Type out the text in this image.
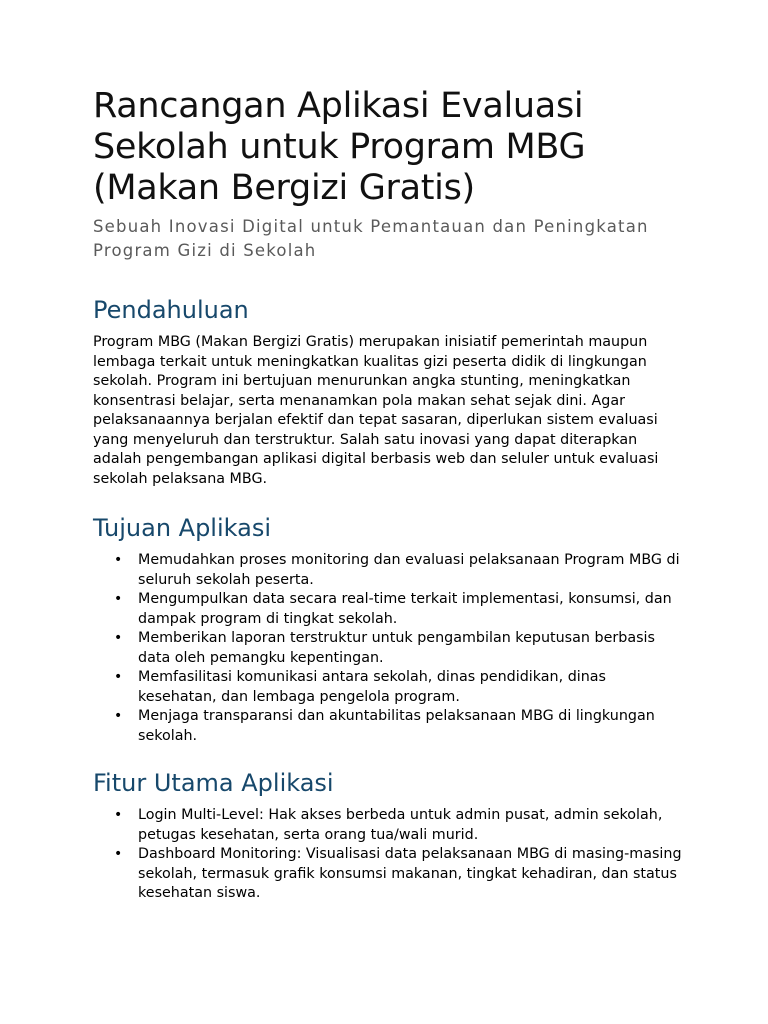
Rancangan Aplikasi Evaluasi Sekolah untuk Program MBG (Makan Bergizi Gratis)

Sebuah Inovasi Digital untuk Pemantauan dan Peningkatan Program Gizi di Sekolah

Pendahuluan

Program MBG (Makan Bergizi Gratis) merupakan inisiatif pemerintah maupun lembaga terkait untuk meningkatkan kualitas gizi peserta didik di lingkungan sekolah. Program ini bertujuan menurunkan angka stunting, meningkatkan konsentrasi belajar, serta menanamkan pola makan sehat sejak dini. Agar pelaksanaannya berjalan efektif dan tepat sasaran, diperlukan sistem evaluasi yang menyeluruh dan terstruktur. Salah satu inovasi yang dapat diterapkan adalah pengembangan aplikasi digital berbasis web dan seluler untuk evaluasi sekolah pelaksana MBG.

Tujuan Aplikasi
• Memudahkan proses monitoring dan evaluasi pelaksanaan Program MBG di seluruh sekolah peserta.
• Mengumpulkan data secara real-time terkait implementasi, konsumsi, dan dampak program di tingkat sekolah.
• Memberikan laporan terstruktur untuk pengambilan keputusan berbasis data oleh pemangku kepentingan.
• Memfasilitasi komunikasi antara sekolah, dinas pendidikan, dinas kesehatan, dan lembaga pengelola program.
• Menjaga transparansi dan akuntabilitas pelaksanaan MBG di lingkungan sekolah.
Fitur Utama Aplikasi
• Login Multi-Level: Hak akses berbeda untuk admin pusat, admin sekolah, petugas kesehatan, serta orang tua/wali murid.
• Dashboard Monitoring: Visualisasi data pelaksanaan MBG di masing-masing sekolah, termasuk grafik konsumsi makanan, tingkat kehadiran, dan status kesehatan siswa.
